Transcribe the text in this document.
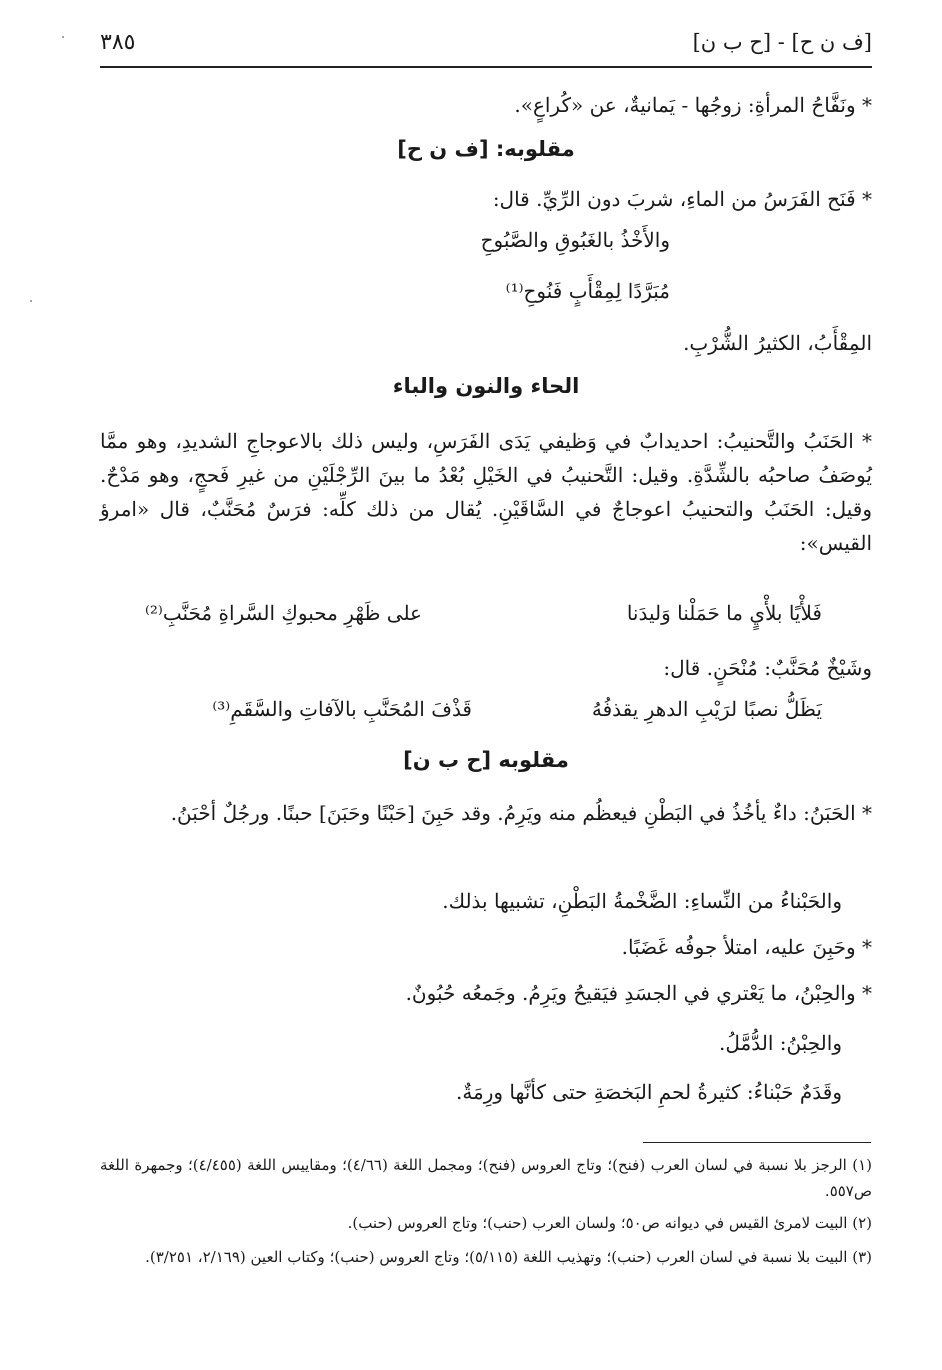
[ف ن ح] - [ح ب ن]
٣٨٥
* ونَفَّاحُ المرأةِ: زوجُها - يَمانيةٌ، عن «كُراعٍ».
مقلوبه: [ف ن ح]
* فَنَح الفَرَسُ من الماءِ، شربَ دون الرِّيِّ. قال:
والأَخْذُ بالغَبُوقِ والصَّبُوحِ
مُبَرَّدًا لِمِقْأَبٍ فَنُوحِ⁽¹⁾
المِقْأَبُ، الكثيرُ الشُّرْبِ.
الحاء والنون والباء
* الحَنَبُ والتَّحنيبُ: احديدابٌ في وَظيفي يَدَى الفَرَسِ، وليس ذلك بالاعوجاجِ الشديدِ، وهو ممَّا يُوصَفُ صاحبُه بالشِّدَّةِ. وقيل: التَّحنيبُ في الخَيْلِ بُعْدُ ما بينَ الرِّجْلَيْنِ من غيرِ فَحجٍ، وهو مَدْحٌ. وقيل: الحَنَبُ والتحنيبُ اعوجاجٌ في السَّاقَيْنِ. يُقال من ذلك كلِّه: فرَسٌ مُحَنَّبٌ، قال «امرؤ القيس»:
فَلأْيًا بلأْيٍ ما حَمَلْنا وَليدَنا
على ظَهْرِ محبوكِ السَّراةِ مُحَنَّبِ⁽²⁾
وشَيْخٌ مُحَنَّبٌ: مُنْحَنٍ. قال:
يَظَلُّ نصبًا لرَيْبِ الدهرِ يقذفُهُ
قَذْفَ المُحَنَّبِ بالآفاتِ والسَّقَمِ⁽³⁾
مقلوبه [ح ب ن]
* الحَبَنُ: داءٌ يأخُذُ في البَطْنِ فيعظُم منه ويَرِمُ. وقد حَبِنَ [حَبْنًا وحَبَنَ] حبنًا. ورجُلٌ أحْبَنُ.
والحَبْناءُ من النِّساءِ: الضَّخْمةُ البَطْنِ، تشبيها بذلك.
* وحَبِنَ عليه، امتلأ جوفُه غَضَبًا.
* والحِبْنُ، ما يَعْتري في الجسَدِ فيَقيحُ ويَرِمُ. وجَمعُه حُبُونٌ.
والحِبْنُ: الدُّمَّلُ.
وقَدَمٌ حَبْناءُ: كثيرةُ لحمِ البَخصَةِ حتى كأنَّها ورِمَةٌ.
(١) الرجز بلا نسبة في لسان العرب (فنح)؛ وتاج العروس (فنح)؛ ومجمل اللغة (٤/٦٦)؛ ومقاييس اللغة (٤/٤٥٥)؛ وجمهرة اللغة ص٥٥٧.
(٢) البيت لامرئ القيس في ديوانه ص٥٠؛ ولسان العرب (حنب)؛ وتاج العروس (حنب).
(٣) البيت بلا نسبة في لسان العرب (حنب)؛ وتهذيب اللغة (٥/١١٥)؛ وتاج العروس (حنب)؛ وكتاب العين (٢/١٦٩، ٣/٢٥١).
